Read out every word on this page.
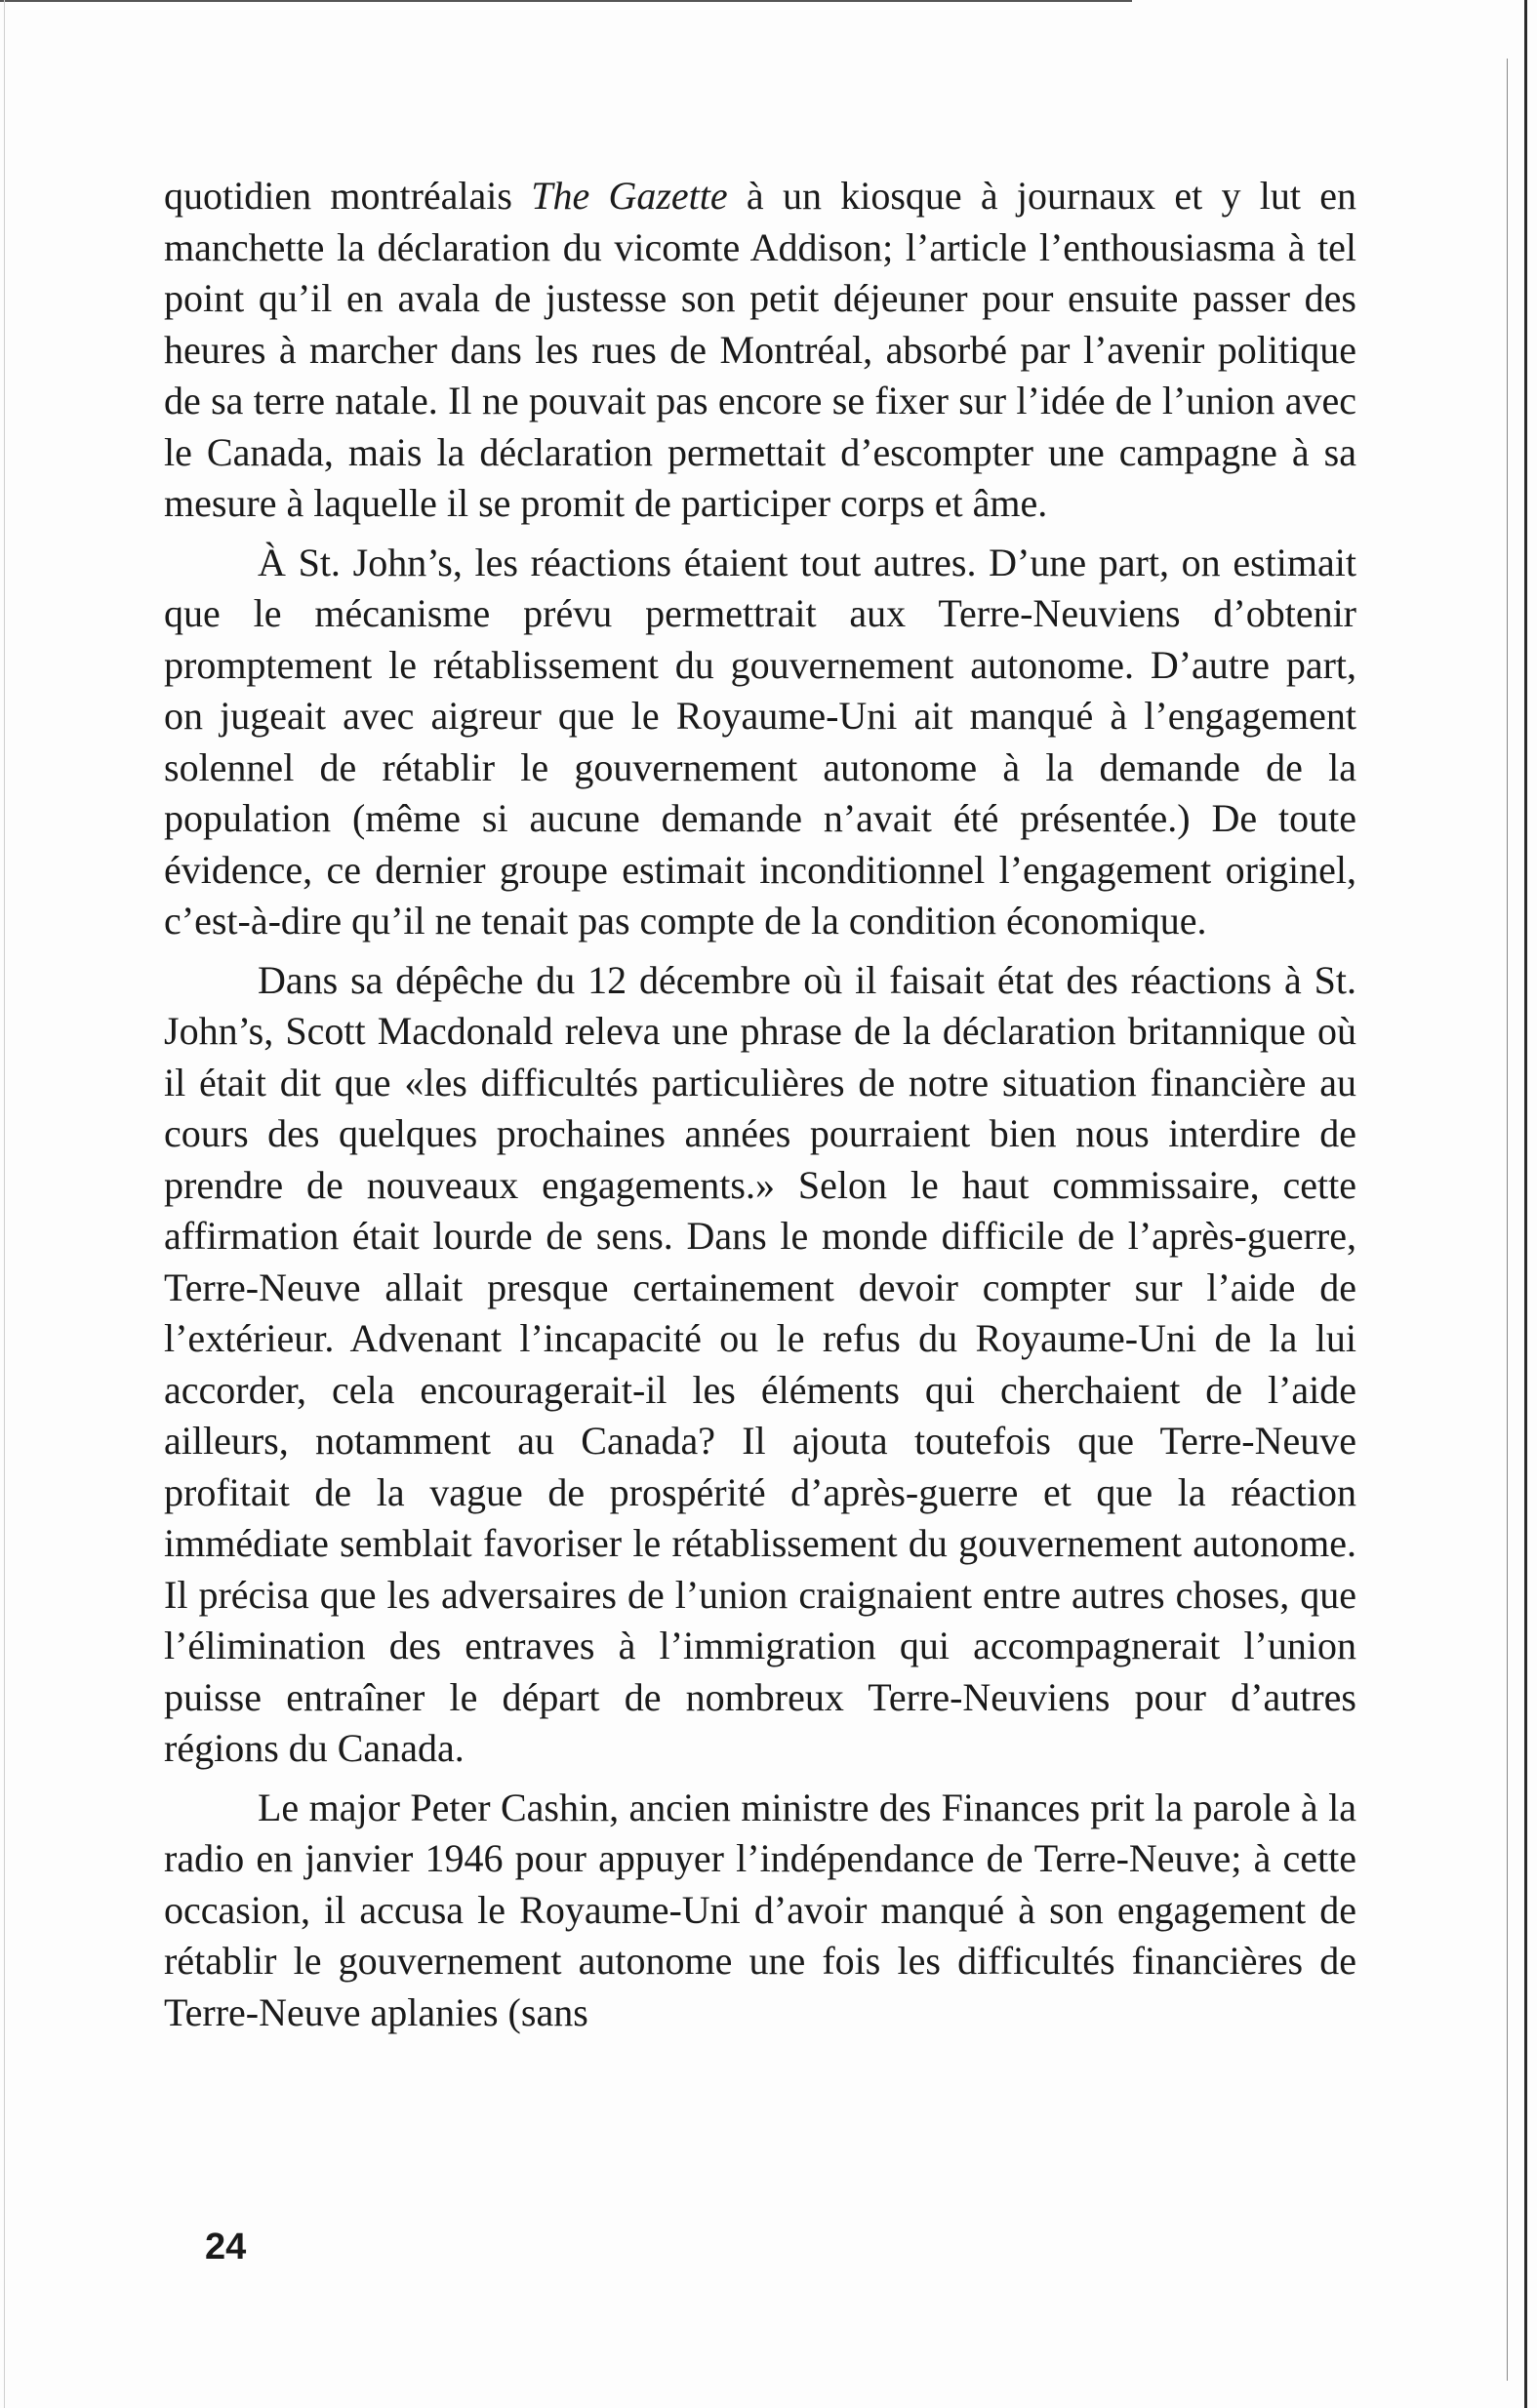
quotidien montréalais The Gazette à un kiosque à journaux et y lut en manchette la déclaration du vicomte Addison; l’article l’enthousiasma à tel point qu’il en avala de justesse son petit déjeuner pour ensuite passer des heures à marcher dans les rues de Montréal, absorbé par l’avenir politique de sa terre natale. Il ne pouvait pas encore se fixer sur l’idée de l’union avec le Canada, mais la déclaration permettait d’escompter une campagne à sa mesure à laquelle il se promit de participer corps et âme.

À St. John’s, les réactions étaient tout autres. D’une part, on estimait que le mécanisme prévu permettrait aux Terre-Neuviens d’obtenir promptement le rétablissement du gouvernement autonome. D’autre part, on jugeait avec aigreur que le Royaume-Uni ait manqué à l’engagement solennel de rétablir le gouvernement autonome à la demande de la population (même si aucune demande n’avait été présentée.) De toute évidence, ce dernier groupe estimait inconditionnel l’engagement originel, c’est-à-dire qu’il ne tenait pas compte de la condition économique.

Dans sa dépêche du 12 décembre où il faisait état des réactions à St. John’s, Scott Macdonald releva une phrase de la déclaration britannique où il était dit que «les difficultés particulières de notre situation financière au cours des quelques prochaines années pourraient bien nous interdire de prendre de nouveaux engagements.» Selon le haut commissaire, cette affirmation était lourde de sens. Dans le monde difficile de l’après-guerre, Terre-Neuve allait presque certainement devoir compter sur l’aide de l’extérieur. Advenant l’incapacité ou le refus du Royaume-Uni de la lui accorder, cela encouragerait-il les éléments qui cherchaient de l’aide ailleurs, notamment au Canada? Il ajouta toutefois que Terre-Neuve profitait de la vague de prospérité d’après-guerre et que la réaction immédiate semblait favoriser le rétablissement du gouvernement autonome. Il précisa que les adversaires de l’union craignaient entre autres choses, que l’élimination des entraves à l’immigration qui accompagnerait l’union puisse entraîner le départ de nombreux Terre-Neuviens pour d’autres régions du Canada.

Le major Peter Cashin, ancien ministre des Finances prit la parole à la radio en janvier 1946 pour appuyer l’indépendance de Terre-Neuve; à cette occasion, il accusa le Royaume-Uni d’avoir manqué à son engagement de rétablir le gouvernement autonome une fois les difficultés financières de Terre-Neuve aplanies (sans

24
